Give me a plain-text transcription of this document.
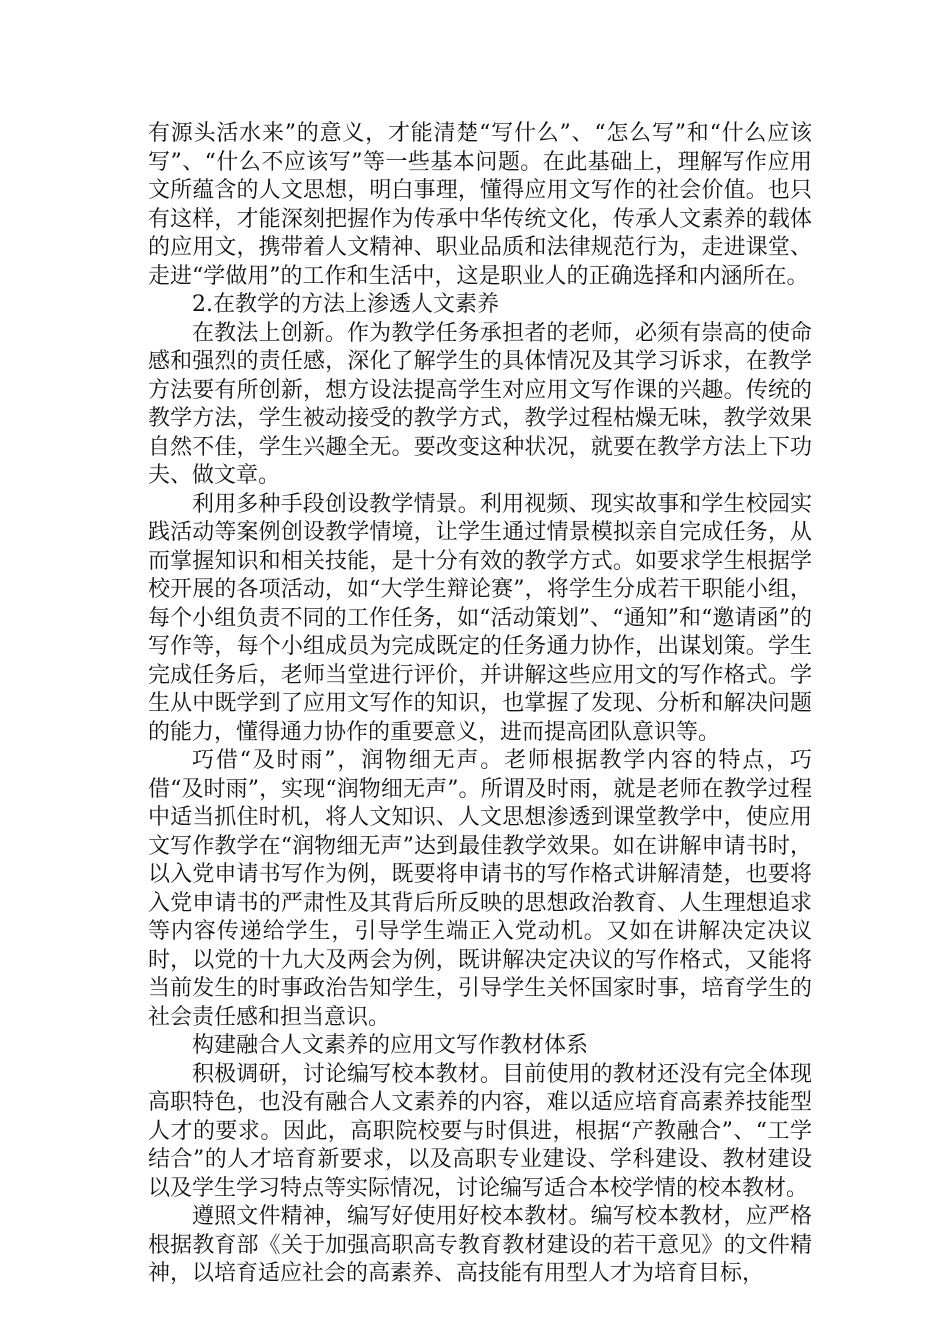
有源头活水来”的意义，才能清楚“写什么”、“怎么写”和“什么应该写”、“什么不应该写”等一些基本问题。在此基础上，理解写作应用文所蕴含的人文思想，明白事理，懂得应用文写作的社会价值。也只有这样，才能深刻把握作为传承中华传统文化，传承人文素养的载体的应用文，携带着人文精神、职业品质和法律规范行为，走进课堂、走进“学做用”的工作和生活中，这是职业人的正确选择和内涵所在。

2.在教学的方法上渗透人文素养

在教法上创新。作为教学任务承担者的老师，必须有崇高的使命感和强烈的责任感，深化了解学生的具体情况及其学习诉求，在教学方法要有所创新，想方设法提高学生对应用文写作课的兴趣。传统的教学方法，学生被动接受的教学方式，教学过程枯燥无味，教学效果自然不佳，学生兴趣全无。要改变这种状况，就要在教学方法上下功夫、做文章。

利用多种手段创设教学情景。利用视频、现实故事和学生校园实践活动等案例创设教学情境，让学生通过情景模拟亲自完成任务，从而掌握知识和相关技能，是十分有效的教学方式。如要求学生根据学校开展的各项活动，如“大学生辩论赛”，将学生分成若干职能小组，每个小组负责不同的工作任务，如“活动策划”、“通知”和“邀请函”的写作等，每个小组成员为完成既定的任务通力协作，出谋划策。学生完成任务后，老师当堂进行评价，并讲解这些应用文的写作格式。学生从中既学到了应用文写作的知识，也掌握了发现、分析和解决问题的能力，懂得通力协作的重要意义，进而提高团队意识等。

巧借“及时雨”，润物细无声。老师根据教学内容的特点，巧借“及时雨”，实现“润物细无声”。所谓及时雨，就是老师在教学过程中适当抓住时机，将人文知识、人文思想渗透到课堂教学中，使应用文写作教学在“润物细无声”达到最佳教学效果。如在讲解申请书时，以入党申请书写作为例，既要将申请书的写作格式讲解清楚，也要将入党申请书的严肃性及其背后所反映的思想政治教育、人生理想追求等内容传递给学生，引导学生端正入党动机。又如在讲解决定决议时，以党的十九大及两会为例，既讲解决定决议的写作格式，又能将当前发生的时事政治告知学生，引导学生关怀国家时事，培育学生的社会责任感和担当意识。

构建融合人文素养的应用文写作教材体系

积极调研，讨论编写校本教材。目前使用的教材还没有完全体现高职特色，也没有融合人文素养的内容，难以适应培育高素养技能型人才的要求。因此，高职院校要与时俱进，根据“产教融合”、“工学结合”的人才培育新要求，以及高职专业建设、学科建设、教材建设以及学生学习特点等实际情况，讨论编写适合本校学情的校本教材。

遵照文件精神，编写好使用好校本教材。编写校本教材，应严格根据教育部《关于加强高职高专教育教材建设的若干意见》的文件精神，以培育适应社会的高素养、高技能有用型人才为培育目标，
